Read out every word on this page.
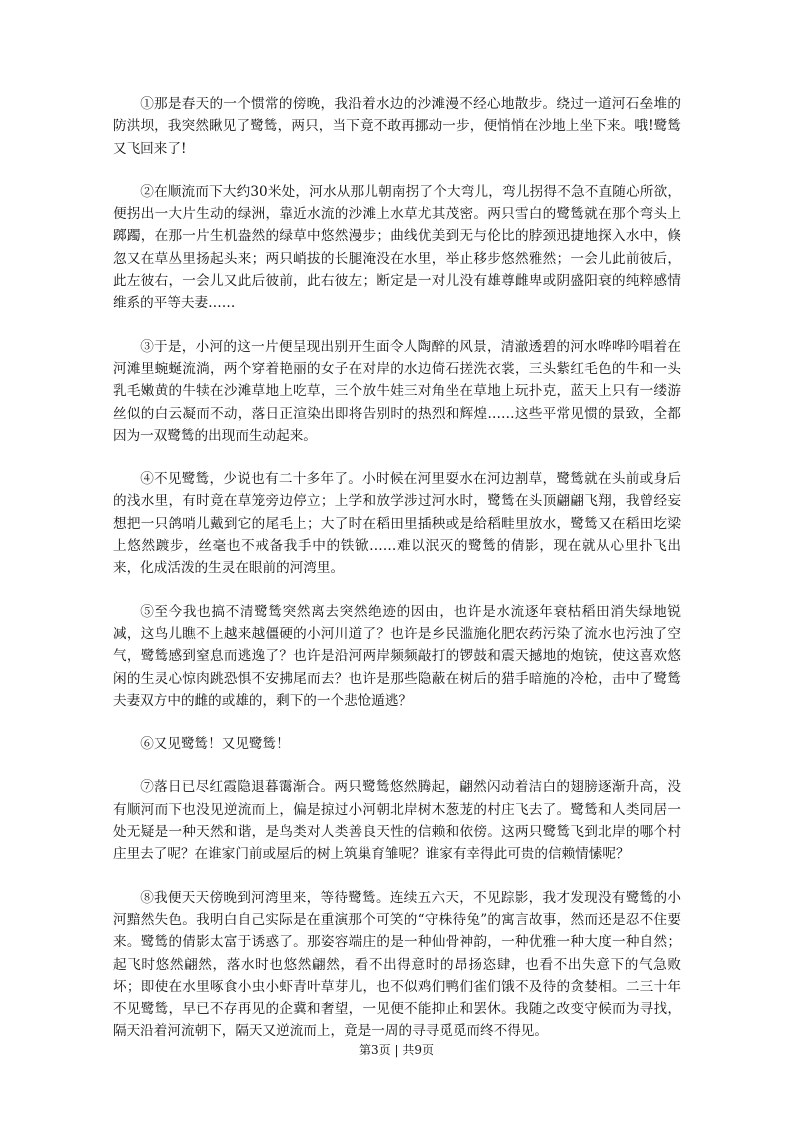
①那是春天的一个惯常的傍晚，我沿着水边的沙滩漫不经心地散步。绕过一道河石垒堆的防洪坝，我突然瞅见了鹭鸶，两只，当下竟不敢再挪动一步，便悄悄在沙地上坐下来。哦!鹭鸶又飞回来了!

②在顺流而下大约30米处，河水从那儿朝南拐了个大弯儿，弯儿拐得不急不直随心所欲，便拐出一大片生动的绿洲，靠近水流的沙滩上水草尤其茂密。两只雪白的鹭鸶就在那个弯头上踯躅，在那一片生机盎然的绿草中悠然漫步；曲线优美到无与伦比的脖颈迅捷地探入水中，倏忽又在草丛里扬起头来；两只峭拔的长腿淹没在水里，举止移步悠然雅然；一会儿此前彼后，此左彼右，一会儿又此后彼前，此右彼左；断定是一对儿没有雄尊雌卑或阴盛阳衰的纯粹感情维系的平等夫妻……

③于是，小河的这一片便呈现出别开生面令人陶醉的风景，清澈透碧的河水哗哗吟唱着在河滩里蜿蜒流淌，两个穿着艳丽的女子在对岸的水边倚石搓洗衣裳，三头紫红毛色的牛和一头乳毛嫩黄的牛犊在沙滩草地上吃草，三个放牛娃三对角坐在草地上玩扑克，蓝天上只有一缕游丝似的白云凝而不动，落日正渲染出即将告别时的热烈和辉煌……这些平常见惯的景致，全都因为一双鹭鸶的出现而生动起来。

④不见鹭鸶，少说也有二十多年了。小时候在河里耍水在河边割草，鹭鸶就在头前或身后的浅水里，有时竟在草笼旁边停立；上学和放学涉过河水时，鹭鸶在头顶翩翩飞翔，我曾经妄想把一只鸽哨儿戴到它的尾毛上；大了时在稻田里插秧或是给稻畦里放水，鹭鸶又在稻田圪梁上悠然踱步，丝毫也不戒备我手中的铁锨……难以泯灭的鹭鸶的倩影，现在就从心里扑飞出来，化成活泼的生灵在眼前的河湾里。

⑤至今我也搞不清鹭鸶突然离去突然绝迹的因由，也许是水流逐年衰枯稻田消失绿地锐减，这鸟儿瞧不上越来越僵硬的小河川道了？也许是乡民滥施化肥农药污染了流水也污浊了空气，鹭鸶感到窒息而逃逸了？也许是沿河两岸频频敲打的锣鼓和震天撼地的炮铳，使这喜欢悠闲的生灵心惊肉跳恐惧不安拂尾而去？也许是那些隐蔽在树后的猎手暗施的冷枪，击中了鹭鸶夫妻双方中的雌的或雄的，剩下的一个悲怆遁逃？

⑥又见鹭鸶！又见鹭鸶！

⑦落日已尽红霞隐退暮霭渐合。两只鹭鸶悠然腾起，翩然闪动着洁白的翅膀逐渐升高，没有顺河而下也没见逆流而上，偏是掠过小河朝北岸树木葱茏的村庄飞去了。鹭鸶和人类同居一处无疑是一种天然和谐，是鸟类对人类善良天性的信赖和依傍。这两只鹭鸶飞到北岸的哪个村庄里去了呢？在谁家门前或屋后的树上筑巢育雏呢？谁家有幸得此可贵的信赖情愫呢？

⑧我便天天傍晚到河湾里来，等待鹭鸶。连续五六天，不见踪影，我才发现没有鹭鸶的小河黯然失色。我明白自己实际是在重演那个可笑的“守株待兔”的寓言故事，然而还是忍不住要来。鹭鸶的倩影太富于诱惑了。那姿容端庄的是一种仙骨神韵，一种优雅一种大度一种自然；起飞时悠然翩然，落水时也悠然翩然，看不出得意时的昂扬恣肆，也看不出失意下的气急败坏；即使在水里啄食小虫小虾青叶草芽儿，也不似鸡们鸭们雀们饿不及待的贪婪相。二三十年不见鹭鸶，早已不存再见的企冀和奢望，一见便不能抑止和罢休。我随之改变守候而为寻找，隔天沿着河流朝下，隔天又逆流而上，竟是一周的寻寻觅觅而终不得见。

第3页 | 共9页
